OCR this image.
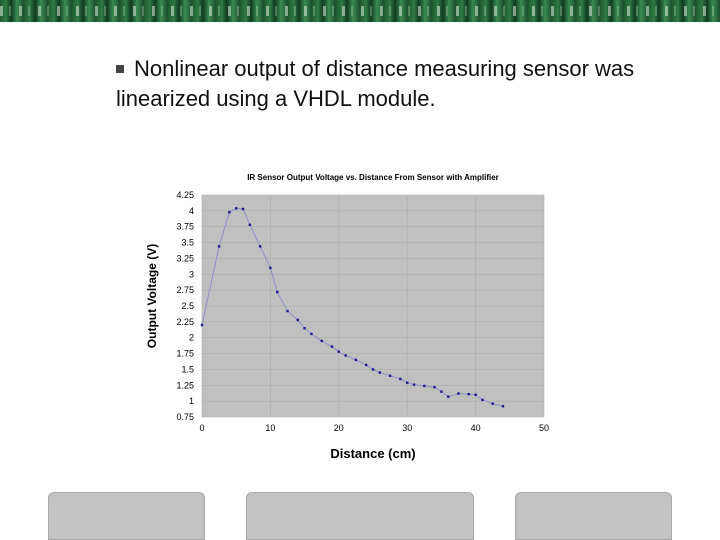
Nonlinear output of distance measuring sensor was linearized using a VHDL module.
0.75
1
1.25
1.5
1.75
2
2.25
2.5
2.75
3
3.25
3.5
3.75
4
4.25
0	10	20	30	40	50
IR Sensor Output Voltage vs. Distance From Sensor with Amplifier
Distance (cm)
Output Voltage (V)
